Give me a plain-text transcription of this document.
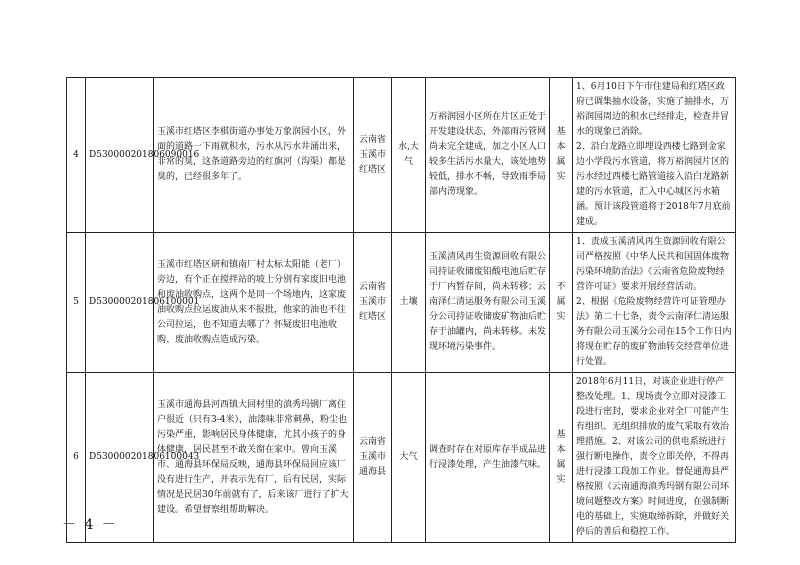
4	D530000201806090016	玉溪市红塔区李棋街道办事处万象润园小区，外面的道路一下雨就积水，污水从污水井涌出来，非常的臭，这条道路旁边的红旗河（沟渠）都是臭的，已经很多年了。	云南省玉溪市红塔区	水,大气	万裕润园小区所在片区正处于开发建设状态，外部雨污管网尚未完全建成，加之小区人口较多生活污水量大，该处地势较低，排水不畅，导致雨季局部内涝现象。	基本属实	1、6月10日下午市住建局和红塔区政府已调集抽水设备，实施了抽排水，万裕润园周边的积水已经排走，检查井冒水的现象已消除。
2、沿白龙路立即埋设西楼七路到金家边小学段污水管道，将万裕润园片区的污水经过西楼七路管道接入沿白龙路新建的污水管道，汇入中心城区污水箱涵。预计该段管道将于2018年7月底前建成。
5	D530000201806100001	玉溪市红塔区研和镇南厂村太标太阳能（老厂）旁边，有个正在搅拌站的坡上分别有家废旧电池和废油收购点，这两个是同一个场地内，这家废油收购点拉运废油从来不报批，他家的油也不往公司拉运，也不知道去哪了？怀疑废旧电池收购、废油收购点造成污染。	云南省玉溪市红塔区	土壤	玉溪清风再生资源回收有限公司持证收储废铅酸电池后贮存于厂内暂存间，尚未转移；云南泽仁清运服务有限公司玉溪分公司持证收储废矿物油后贮存于油罐内，尚未转移。未发现环境污染事件。	不属实	1、责成玉溪清风再生资源回收有限公司严格按照《中华人民共和国固体废物污染环境防治法》《云南省危险废物经营许可证》要求开展经营活动。
2、根据《危险废物经营许可证管理办法》第二十七条，责令云南泽仁清运服务有限公司玉溪分公司在15个工作日内将现在贮存的废矿物油转交经营单位进行处置。
6	D530000201806100043	玉溪市通海县河西镇大回村里的滇秀玛钢厂离住户很近（只有3-4米），油漆味非常刺鼻，粉尘也污染严重，影响居民身体健康，尤其小孩子的身体健康，居民甚至不敢关窗在家中。曾向玉溪市、通海县环保局反映，通海县环保局回应该厂没有进行生产，并表示先有厂，后有民居，实际情况是民居30年前就有了，后来该厂进行了扩大建设。希望督察组帮助解决。	云南省玉溪市通海县	大气	调查时存在对原库存半成品进行浸漆处理，产生油漆气味。	基本属实	2018年6月11日，对该企业进行停产整改处理。1、现场责令立即对浸漆工段进行密封，要求企业对全厂可能产生有组织、无组织排放的废气采取有效治理措施。2、对该公司的供电系统进行强行断电操作，责令立即关停，不得再进行浸漆工段加工作业。督促通海县严格按照《云南通海滇秀玛钢有限公司环境问题整改方案》时间进度，在强制断电的基础上，实施取缔拆除，并做好关停后的善后和稳控工作。
－ 4 －
